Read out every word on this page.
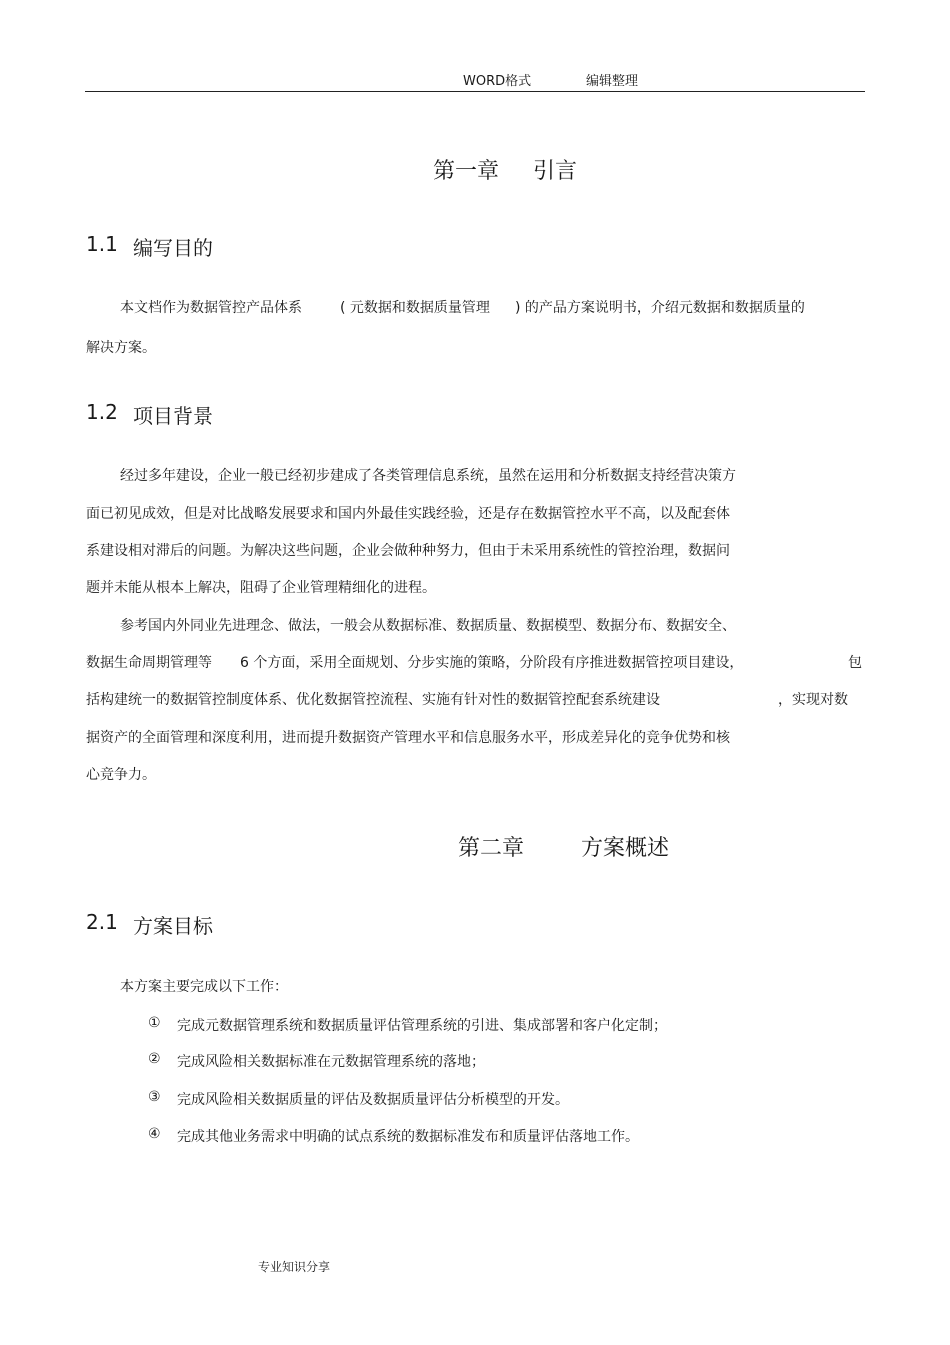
WORD格式	编辑整理
第一章 引言
1.1 编写目的
本文档作为数据管控产品体系	( 元数据和数据质量管理 ) 的产品方案说明书，介绍元数据和数据质量的
解决方案。
1.2 项目背景
经过多年建设，企业一般已经初步建成了各类管理信息系统，虽然在运用和分析数据支持经营决策方
面已初见成效，但是对比战略发展要求和国内外最佳实践经验，还是存在数据管控水平不高，以及配套体
系建设相对滞后的问题。为解决这些问题，企业会做种种努力，但由于未采用系统性的管控治理，数据问
题并未能从根本上解决，阻碍了企业管理精细化的进程。
参考国内外同业先进理念、做法，一般会从数据标准、数据质量、数据模型、数据分布、数据安全、
数据生命周期管理等 6 个方面，采用全面规划、分步实施的策略，分阶段有序推进数据管控项目建设，	包
括构建统一的数据管控制度体系、优化数据管控流程、实施有针对性的数据管控配套系统建设	，实现对数
据资产的全面管理和深度利用，进而提升数据资产管理水平和信息服务水平，形成差异化的竞争优势和核
心竞争力。
第二章	方案概述
2.1 方案目标
本方案主要完成以下工作：
① 完成元数据管理系统和数据质量评估管理系统的引进、集成部署和客户化定制；
② 完成风险相关数据标准在元数据管理系统的落地；
③ 完成风险相关数据质量的评估及数据质量评估分析模型的开发。
④ 完成其他业务需求中明确的试点系统的数据标准发布和质量评估落地工作。
专业知识分享
